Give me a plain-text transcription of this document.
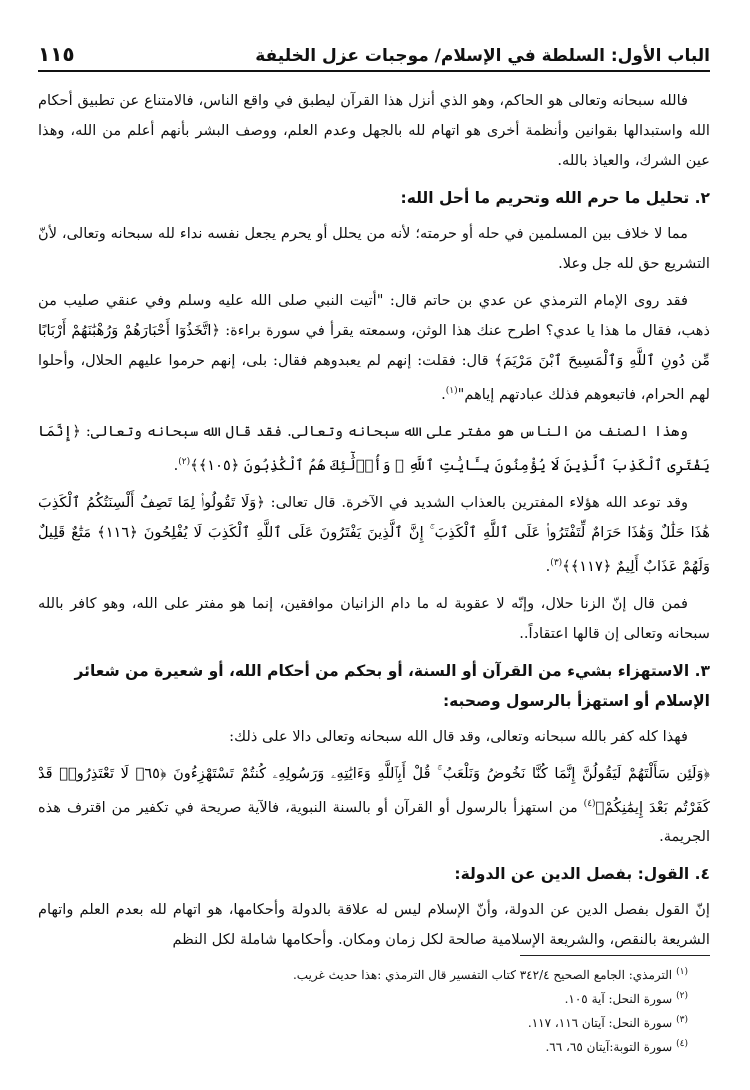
الباب الأول: السلطة في الإسلام/ موجبات عزل الخليفة
١١٥

فالله سبحانه وتعالى هو الحاكم، وهو الذي أنزل هذا القرآن ليطبق في واقع الناس، فالامتناع عن تطبيق أحكام الله واستبدالها بقوانين وأنظمة أخرى هو اتهام لله بالجهل وعدم العلم، ووصف البشر بأنهم أعلم من الله، وهذا عين الشرك، والعياذ بالله.

٢. تحليل ما حرم الله وتحريم ما أحل الله:

مما لا خلاف بين المسلمين في حله أو حرمته؛ لأنه من يحلل أو يحرم يجعل نفسه نداء لله سبحانه وتعالى، لأنّ التشريع حق لله جل وعلا.

فقد روى الإمام الترمذي عن عدي بن حاتم قال: "أتيت النبي صلى الله عليه وسلم وفي عنقي صليب من ذهب، فقال ما هذا يا عدي؟ اطرح عنك هذا الوثن، وسمعته يقرأ في سورة براءة: ﴿اتَّخَذُوٓا أَحْبَارَهُمْ وَرُهْبَٰنَهُمْ أَرْبَابًا مِّن دُونِ ٱللَّهِ وَٱلْمَسِيحَ ٱبْنَ مَرْيَمَ﴾ قال: فقلت: إنهم لم يعبدوهم فقال: بلى، إنهم حرموا عليهم الحلال، وأحلوا لهم الحرام، فاتبعوهم فذلك عبادتهم إياهم"$^{(١)}$.

وهذا الصنف من الناس هو مفتر على الله سبحانه وتعالى. فقد قال الله سبحانه وتعالى: ﴿إِنَّمَا يَفْتَرِى ٱلْكَذِبَ ٱلَّذِينَ لَا يُؤْمِنُونَ بِـَٔايَٰتِ ٱللَّهِ ۖ وَأُو۟لَٰٓئِكَ هُمُ ٱلْكَٰذِبُونَ ﴿١٠٥﴾﴾$^{(٢)}$.

وقد توعد الله هؤلاء المفترين بالعذاب الشديد في الآخرة. قال تعالى: ﴿وَلَا تَقُولُوا۟ لِمَا تَصِفُ أَلْسِنَتُكُمُ ٱلْكَذِبَ هَٰذَا حَلَٰلٌ وَهَٰذَا حَرَامٌ لِّتَفْتَرُوا۟ عَلَى ٱللَّهِ ٱلْكَذِبَ ۚ إِنَّ ٱلَّذِينَ يَفْتَرُونَ عَلَى ٱللَّهِ ٱلْكَذِبَ لَا يُفْلِحُونَ ﴿١١٦﴾ مَتَٰعٌ قَلِيلٌ وَلَهُمْ عَذَابٌ أَلِيمٌ ﴿١١٧﴾﴾$^{(٣)}$.

فمن قال إنّ الزنا حلال، وإنّه لا عقوبة له ما دام الزانيان موافقين، إنما هو مفتر على الله، وهو كافر بالله سبحانه وتعالى إن قالها اعتقاداً..

٣. الاستهزاء بشيء من القرآن أو السنة، أو بحكم من أحكام الله، أو شعيرة من شعائر الإسلام أو استهزأ بالرسول وصحبه:

فهذا كله كفر بالله سبحانه وتعالى، وقد قال الله سبحانه وتعالى دالا على ذلك:

﴿وَلَئِن سَأَلْتَهُمْ لَيَقُولُنَّ إِنَّمَا كُنَّا نَخُوضُ وَنَلْعَبُ ۚ قُلْ أَبِٱللَّهِ وَءَايَٰتِهِۦ وَرَسُولِهِۦ كُنتُمْ تَسْتَهْزِءُونَ ﴿٦٥﴾ لَا تَعْتَذِرُوا۟ قَدْ كَفَرْتُم بَعْدَ إِيمَٰنِكُمْ﴾$^{(٤)}$ من استهزأ بالرسول أو القرآن أو بالسنة النبوية، فالآية صريحة في تكفير من اقترف هذه الجريمة.

٤. القول: بفصل الدين عن الدولة:

إنّ القول بفصل الدين عن الدولة، وأنّ الإسلام ليس له علاقة بالدولة وأحكامها، هو اتهام لله بعدم العلم واتهام الشريعة بالنقص، والشريعة الإسلامية صالحة لكل زمان ومكان. وأحكامها شاملة لكل النظم

$^{(١)}$الترمذي: الجامع الصحيح ٣٤٢/٤ كتاب التفسير قال الترمذي :هذا حديث غريب.

$^{(٢)}$سورة النحل: آية ١٠٥.

$^{(٣)}$سورة النحل: آيتان ١١٦، ١١٧.

$^{(٤)}$سورة التوبة:آيتان ٦٥، ٦٦.
